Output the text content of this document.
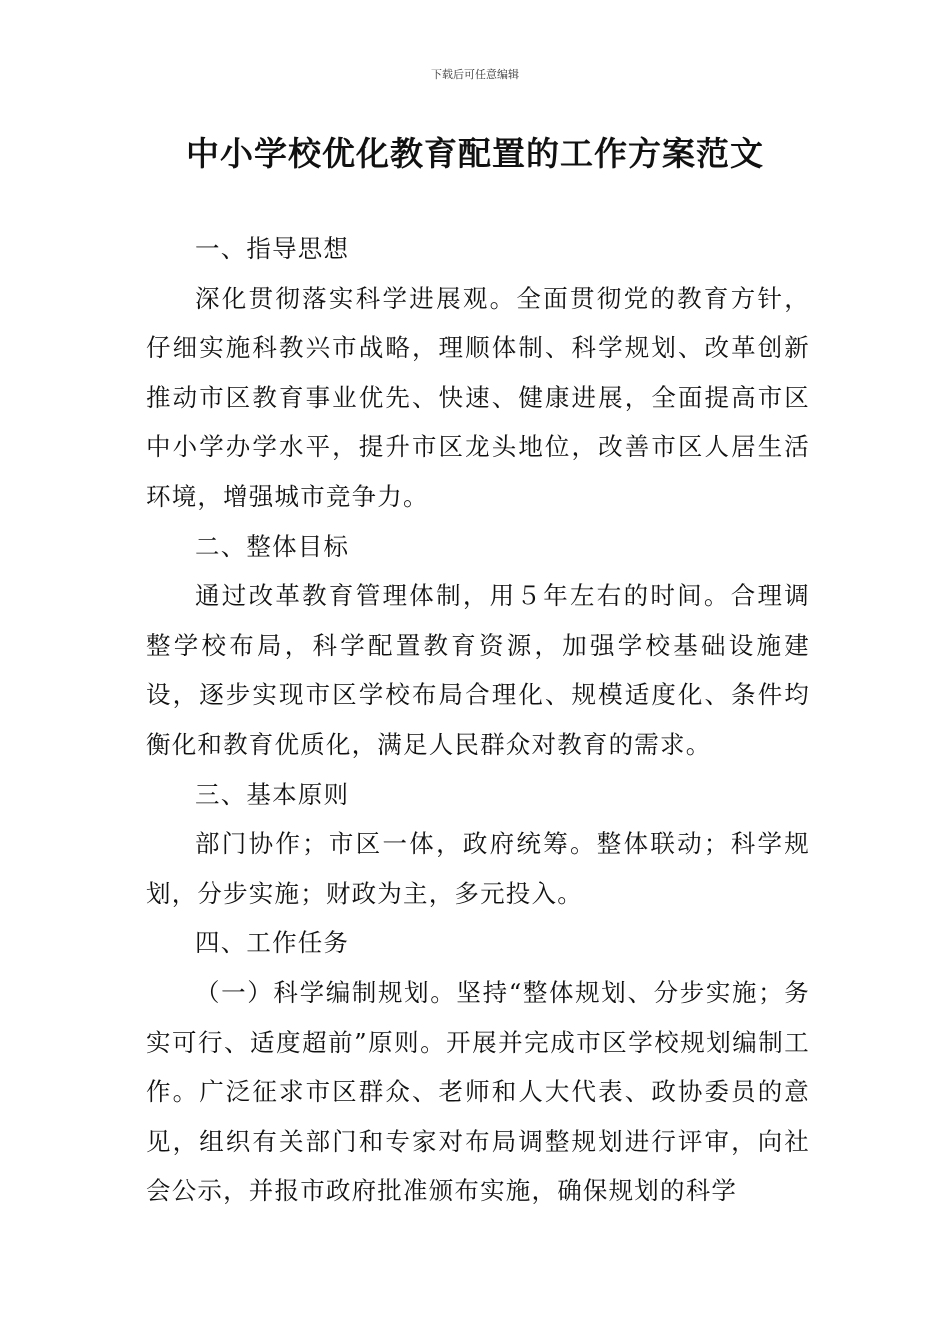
下载后可任意编辑
中小学校优化教育配置的工作方案范文

一、指导思想

深化贯彻落实科学进展观。全面贯彻党的教育方针，仔细实施科教兴市战略，理顺体制、科学规划、改革创新推动市区教育事业优先、快速、健康进展，全面提高市区中小学办学水平，提升市区龙头地位，改善市区人居生活环境，增强城市竞争力。

二、整体目标

通过改革教育管理体制，用５年左右的时间。合理调整学校布局，科学配置教育资源，加强学校基础设施建设，逐步实现市区学校布局合理化、规模适度化、条件均衡化和教育优质化，满足人民群众对教育的需求。

三、基本原则

部门协作；市区一体，政府统筹。整体联动；科学规划，分步实施；财政为主，多元投入。

四、工作任务

（一）科学编制规划。坚持“整体规划、分步实施；务实可行、适度超前”原则。开展并完成市区学校规划编制工作。广泛征求市区群众、老师和人大代表、政协委员的意见，组织有关部门和专家对布局调整规划进行评审，向社会公示，并报市政府批准颁布实施，确保规划的科学
